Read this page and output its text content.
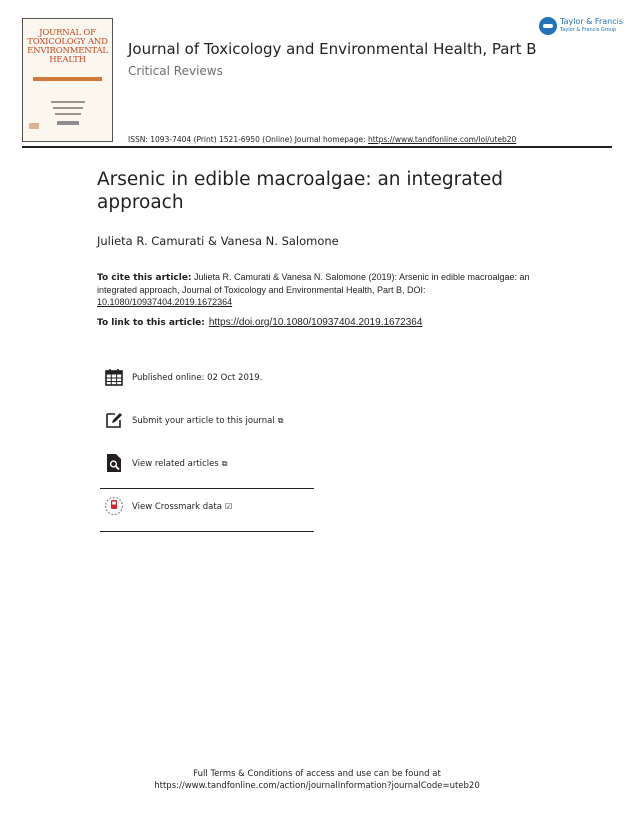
JOURNAL OF
TOXICOLOGY AND
ENVIRONMENTAL
HEALTH
Journal of Toxicology and Environmental Health, Part B
Critical Reviews
Taylor & Francis
Taylor & Francis Group
ISSN: 1093-7404 (Print) 1521-6950 (Online) Journal homepage: https://www.tandfonline.com/loi/uteb20
Arsenic in edible macroalgae: an integrated approach
Julieta R. Camurati & Vanesa N. Salomone
To cite this article: Julieta R. Camurati & Vanesa N. Salomone (2019): Arsenic in edible macroalgae: an integrated approach, Journal of Toxicology and Environmental Health, Part B, DOI: 10.1080/10937404.2019.1672364
To link to this article: https://doi.org/10.1080/10937404.2019.1672364
Published online: 02 Oct 2019.
Submit your article to this journal ⧉
View related articles ⧉
View Crossmark data ☑
Full Terms & Conditions of access and use can be found at
https://www.tandfonline.com/action/journalInformation?journalCode=uteb20
